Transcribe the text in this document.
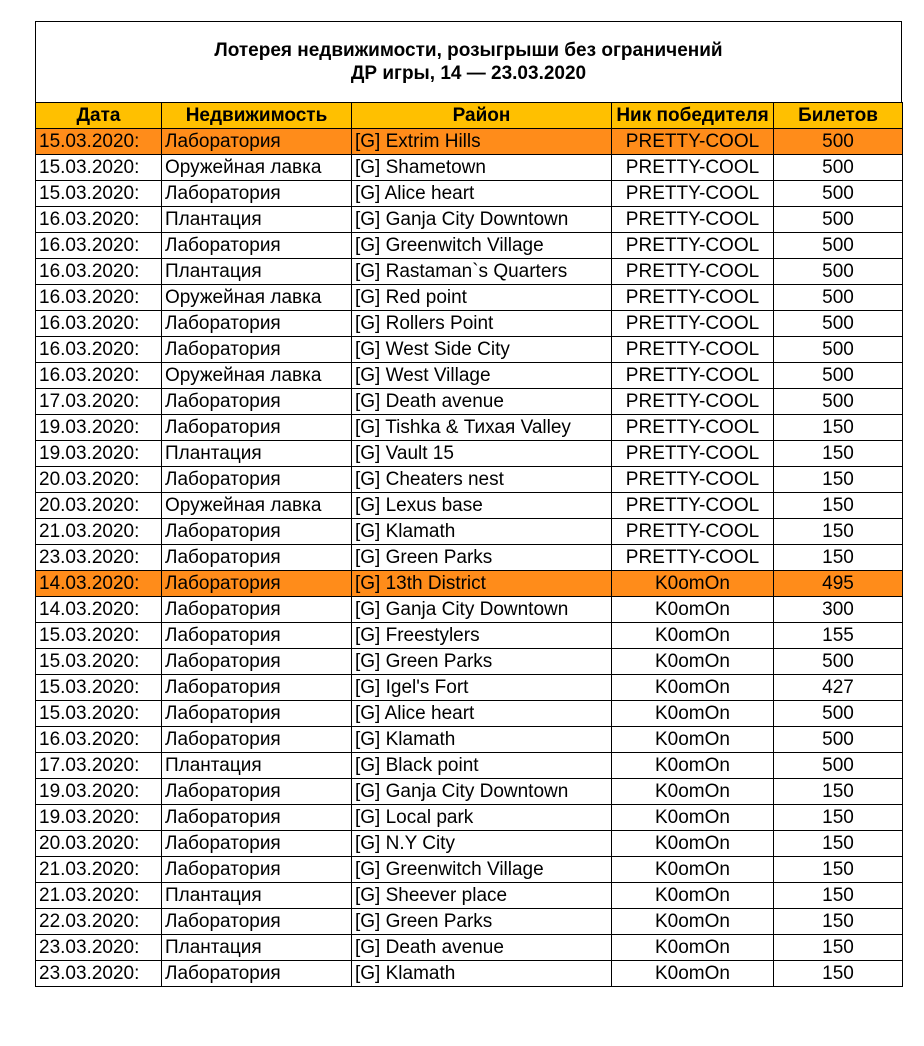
Лотерея недвижимости, розыгрыши без ограничений
ДР игры, 14 — 23.03.2020
Дата	Недвижимость	Район	Ник победителя	Билетов
15.03.2020:	Лаборатория	[G] Extrim Hills	PRETTY-COOL	500
15.03.2020:	Оружейная лавка	[G] Shametown	PRETTY-COOL	500
15.03.2020:	Лаборатория	[G] Alice heart	PRETTY-COOL	500
16.03.2020:	Плантация	[G] Ganja City Downtown	PRETTY-COOL	500
16.03.2020:	Лаборатория	[G] Greenwitch Village	PRETTY-COOL	500
16.03.2020:	Плантация	[G] Rastaman`s Quarters	PRETTY-COOL	500
16.03.2020:	Оружейная лавка	[G] Red point	PRETTY-COOL	500
16.03.2020:	Лаборатория	[G] Rollers Point	PRETTY-COOL	500
16.03.2020:	Лаборатория	[G] West Side City	PRETTY-COOL	500
16.03.2020:	Оружейная лавка	[G] West Village	PRETTY-COOL	500
17.03.2020:	Лаборатория	[G] Death avenue	PRETTY-COOL	500
19.03.2020:	Лаборатория	[G] Tishka & Тихая Valley	PRETTY-COOL	150
19.03.2020:	Плантация	[G] Vault 15	PRETTY-COOL	150
20.03.2020:	Лаборатория	[G] Cheaters nest	PRETTY-COOL	150
20.03.2020:	Оружейная лавка	[G] Lexus base	PRETTY-COOL	150
21.03.2020:	Лаборатория	[G] Klamath	PRETTY-COOL	150
23.03.2020:	Лаборатория	[G] Green Parks	PRETTY-COOL	150
14.03.2020:	Лаборатория	[G] 13th District	K0omOn	495
14.03.2020:	Лаборатория	[G] Ganja City Downtown	K0omOn	300
15.03.2020:	Лаборатория	[G] Freestylers	K0omOn	155
15.03.2020:	Лаборатория	[G] Green Parks	K0omOn	500
15.03.2020:	Лаборатория	[G] Igel's Fort	K0omOn	427
15.03.2020:	Лаборатория	[G] Alice heart	K0omOn	500
16.03.2020:	Лаборатория	[G] Klamath	K0omOn	500
17.03.2020:	Плантация	[G] Black point	K0omOn	500
19.03.2020:	Лаборатория	[G] Ganja City Downtown	K0omOn	150
19.03.2020:	Лаборатория	[G] Local park	K0omOn	150
20.03.2020:	Лаборатория	[G] N.Y City	K0omOn	150
21.03.2020:	Лаборатория	[G] Greenwitch Village	K0omOn	150
21.03.2020:	Плантация	[G] Sheever place	K0omOn	150
22.03.2020:	Лаборатория	[G] Green Parks	K0omOn	150
23.03.2020:	Плантация	[G] Death avenue	K0omOn	150
23.03.2020:	Лаборатория	[G] Klamath	K0omOn	150
